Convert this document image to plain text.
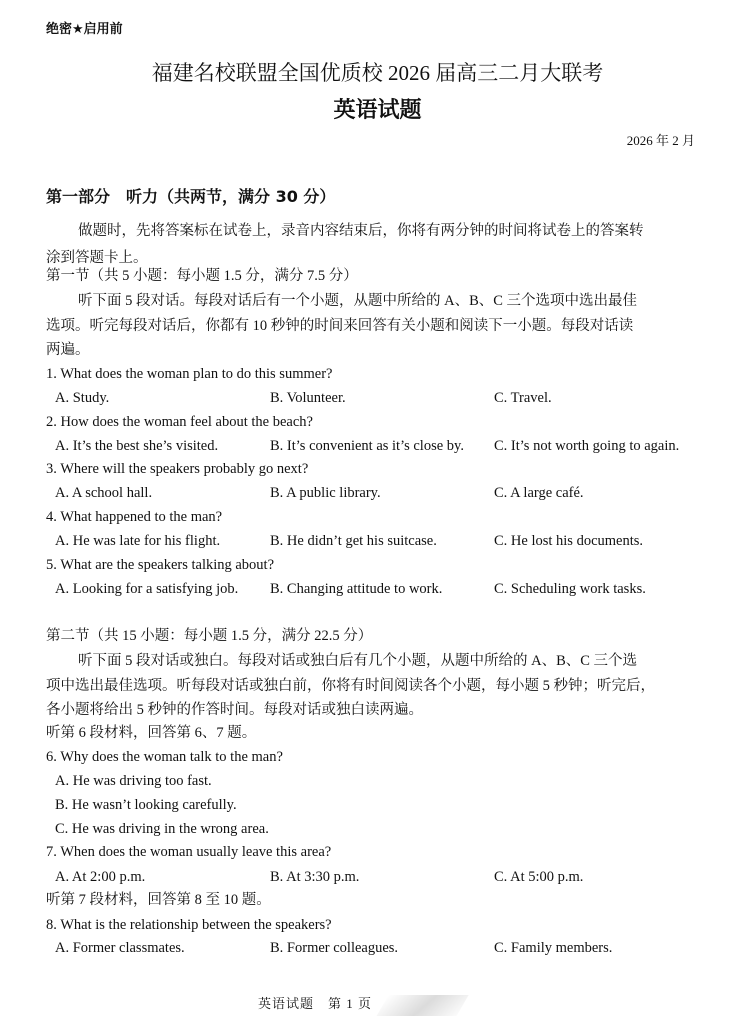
绝密★启用前
福建名校联盟全国优质校 2026 届高三二月大联考
英语试题
2026 年 2 月
第一部分　听力（共两节，满分 30 分）
做题时，先将答案标在试卷上，录音内容结束后，你将有两分钟的时间将试卷上的答案转
涂到答题卡上。
第一节（共 5 小题：每小题 1.5 分，满分 7.5 分）
听下面 5 段对话。每段对话后有一个小题，从题中所给的 A、B、C 三个选项中选出最佳
选项。听完每段对话后，你都有 10 秒钟的时间来回答有关小题和阅读下一小题。每段对话读
两遍。
1. What does the woman plan to do this summer?
A. Study.	B. Volunteer.	C. Travel.
2. How does the woman feel about the beach?
A. It’s the best she’s visited.	B. It’s convenient as it’s close by. C. It’s not worth going to again.
3. Where will the speakers probably go next?
A. A school hall.	B. A public library.	C. A large café.
4. What happened to the man?
A. He was late for his flight.	B. He didn’t get his suitcase.	C. He lost his documents.
5. What are the speakers talking about?
A. Looking for a satisfying job. B. Changing attitude to work.	C. Scheduling work tasks.
第二节（共 15 小题：每小题 1.5 分，满分 22.5 分）
听下面 5 段对话或独白。每段对话或独白后有几个小题，从题中所给的 A、B、C 三个选
项中选出最佳选项。听每段对话或独白前，你将有时间阅读各个小题，每小题 5 秒钟；听完后，
各小题将给出 5 秒钟的作答时间。每段对话或独白读两遍。
听第 6 段材料，回答第 6、7 题。
6. Why does the woman talk to the man?
A. He was driving too fast.
B. He wasn’t looking carefully.
C. He was driving in the wrong area.
7. When does the woman usually leave this area?
A. At 2:00 p.m.	B. At 3:30 p.m.	C. At 5:00 p.m.
听第 7 段材料，回答第 8 至 10 题。
8. What is the relationship between the speakers?
A. Former classmates.	B. Former colleagues.	C. Family members.
英语试题　第 1 页
